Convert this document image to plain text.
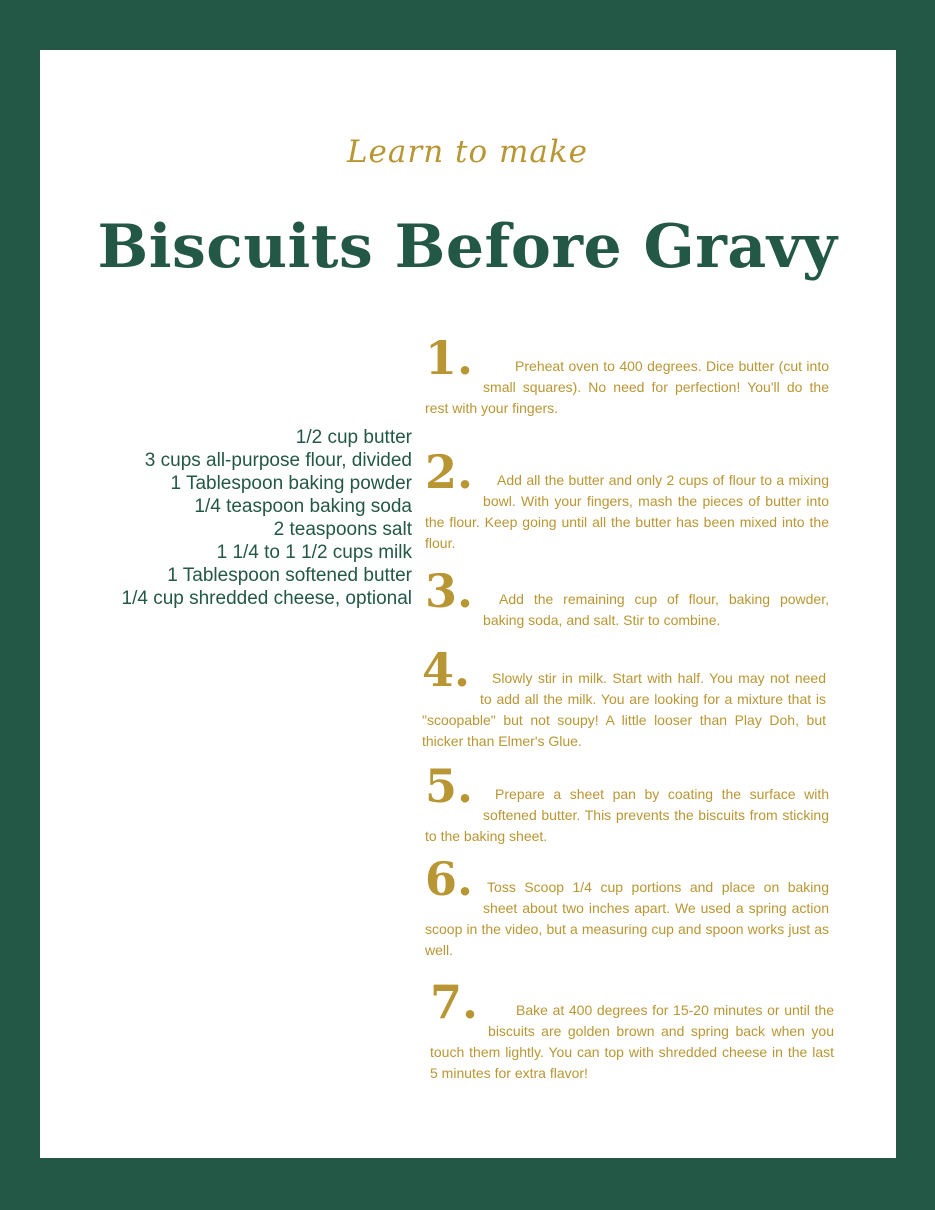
Learn to make
Biscuits Before Gravy
1/2 cup butter
3 cups all-purpose flour, divided
1 Tablespoon baking powder
1/4 teaspoon baking soda
2 teaspoons salt
1 1/4 to 1 1/2 cups milk
1 Tablespoon softened butter
1/4 cup shredded cheese, optional
1.	Preheat oven to 400 degrees. Dice butter (cut into small squares). No need for perfection! You'll do the rest with your fingers.
2. Add all the butter and only 2 cups of flour to a mixing bowl. With your fingers, mash the pieces of butter into the flour. Keep going until all the butter has been mixed into the flour.
3. Add the remaining cup of flour, baking powder, baking soda, and salt. Stir to combine.
4. Slowly stir in milk. Start with half. You may not need to add all the milk. You are looking for a mixture that is "scoopable" but not soupy! A little looser than Play Doh, but thicker than Elmer's Glue.
5. Prepare a sheet pan by coating the surface with softened butter. This prevents the biscuits from sticking to the baking sheet.
6. Toss Scoop 1/4 cup portions and place on baking sheet about two inches apart. We used a spring action scoop in the video, but a measuring cup and spoon works just as well.
7.	Bake at 400 degrees for 15-20 minutes or until the biscuits are golden brown and spring back when you touch them lightly. You can top with shredded cheese in the last 5 minutes for extra flavor!
